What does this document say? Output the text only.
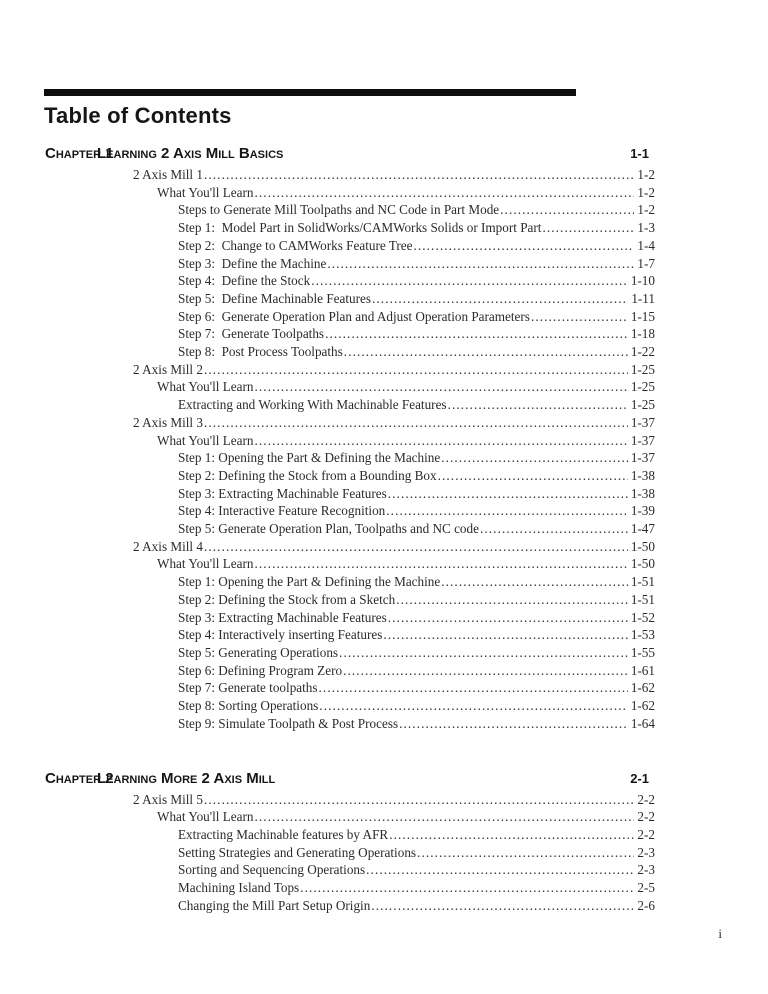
Table of Contents
Chapter 1
Learning 2 Axis Mill Basics	1-1
2 Axis Mill 1 .....	1-2
What You'll Learn .....	1-2
Steps to Generate Mill Toolpaths and NC Code in Part Mode .....	1-2
Step 1:  Model Part in SolidWorks/CAMWorks Solids or Import Part .....	1-3
Step 2:  Change to CAMWorks Feature Tree .....	1-4
Step 3:  Define the Machine .....	1-7
Step 4:  Define the Stock .....	1-10
Step 5:  Define Machinable Features .....	1-11
Step 6:  Generate Operation Plan and Adjust Operation Parameters .....	1-15
Step 7:  Generate Toolpaths .....	1-18
Step 8:  Post Process Toolpaths .....	1-22
2 Axis Mill 2 .....	1-25
What You'll Learn .....	1-25
Extracting and Working With Machinable Features .....	1-25
2 Axis Mill 3 .....	1-37
What You'll Learn .....	1-37
Step 1: Opening the Part & Defining the Machine .....	1-37
Step 2: Defining the Stock from a Bounding Box .....	1-38
Step 3: Extracting Machinable Features .....	1-38
Step 4: Interactive Feature Recognition .....	1-39
Step 5: Generate Operation Plan, Toolpaths and NC code .....	1-47
2 Axis Mill 4 .....	1-50
What You'll Learn .....	1-50
Step 1: Opening the Part & Defining the Machine .....	1-51
Step 2: Defining the Stock from a Sketch .....	1-51
Step 3: Extracting Machinable Features .....	1-52
Step 4: Interactively inserting Features .....	1-53
Step 5: Generating Operations .....	1-55
Step 6: Defining Program Zero .....	1-61
Step 7: Generate toolpaths .....	1-62
Step 8: Sorting Operations .....	1-62
Step 9: Simulate Toolpath & Post Process .....	1-64
Chapter 2
Learning More 2 Axis Mill	2-1
2 Axis Mill 5 .....	2-2
What You'll Learn .....	2-2
Extracting Machinable features by AFR .....	2-2
Setting Strategies and Generating Operations .....	2-3
Sorting and Sequencing Operations .....	2-3
Machining Island Tops .....	2-5
Changing the Mill Part Setup Origin .....	2-6
i
